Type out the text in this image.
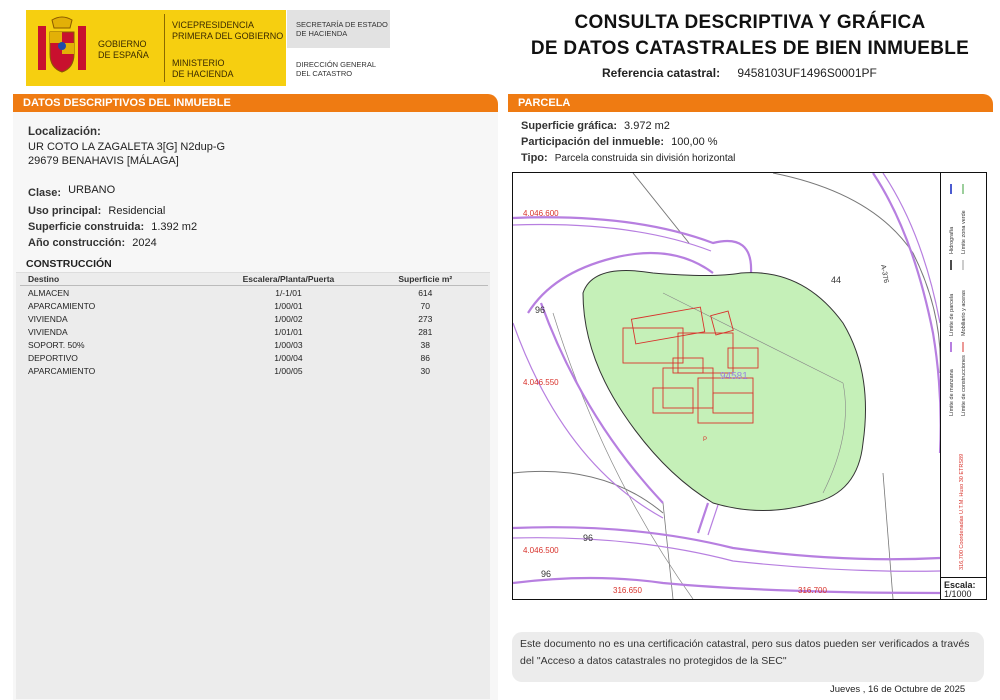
GOBIERNO
DE ESPAÑA
VICEPRESIDENCIA
PRIMERA DEL GOBIERNO
MINISTERIO
DE HACIENDA
SECRETARÍA DE ESTADO
DE HACIENDA
DIRECCIÓN GENERAL
DEL CATASTRO
CONSULTA DESCRIPTIVA Y GRÁFICA
DE DATOS CATASTRALES DE BIEN INMUEBLE
Referencia catastral: 9458103UF1496S0001PF
DATOS DESCRIPTIVOS DEL INMUEBLE
Localización:
UR COTO LA ZAGALETA 3[G] N2dup-G
29679 BENAHAVIS [MÁLAGA]
Clase: URBANO
Uso principal: Residencial
Superficie construida: 1.392 m2
Año construcción: 2024
CONSTRUCCIÓN
Destino	Escalera/Planta/Puerta	Superficie m²
ALMACEN	1/-1/01	614
APARCAMIENTO	1/00/01	70
VIVIENDA	1/00/02	273
VIVIENDA	1/01/01	281
SOPORT. 50%	1/00/03	38
DEPORTIVO	1/00/04	86
APARCAMIENTO	1/00/05	30
PARCELA
Superficie gráfica: 3.972 m2
Participación del inmueble: 100,00 %
Tipo: Parcela construida sin división horizontal
94581
P
44
96
96
96
A-376
4.046.600
4.046.550
4.046.500
316.650	316.700
Hidrografía Límite zona verde
Límite de parcela Mobiliario y aceras
Límite de manzana Límite de construcciones
316,700 Coordenadas U.T.M. Huso 30 ETRS89
Escala:
1/1000
Este documento no es una certificación catastral, pero sus datos pueden ser verificados a través del "Acceso a datos catastrales no protegidos de la SEC"
Jueves , 16 de Octubre de 2025
